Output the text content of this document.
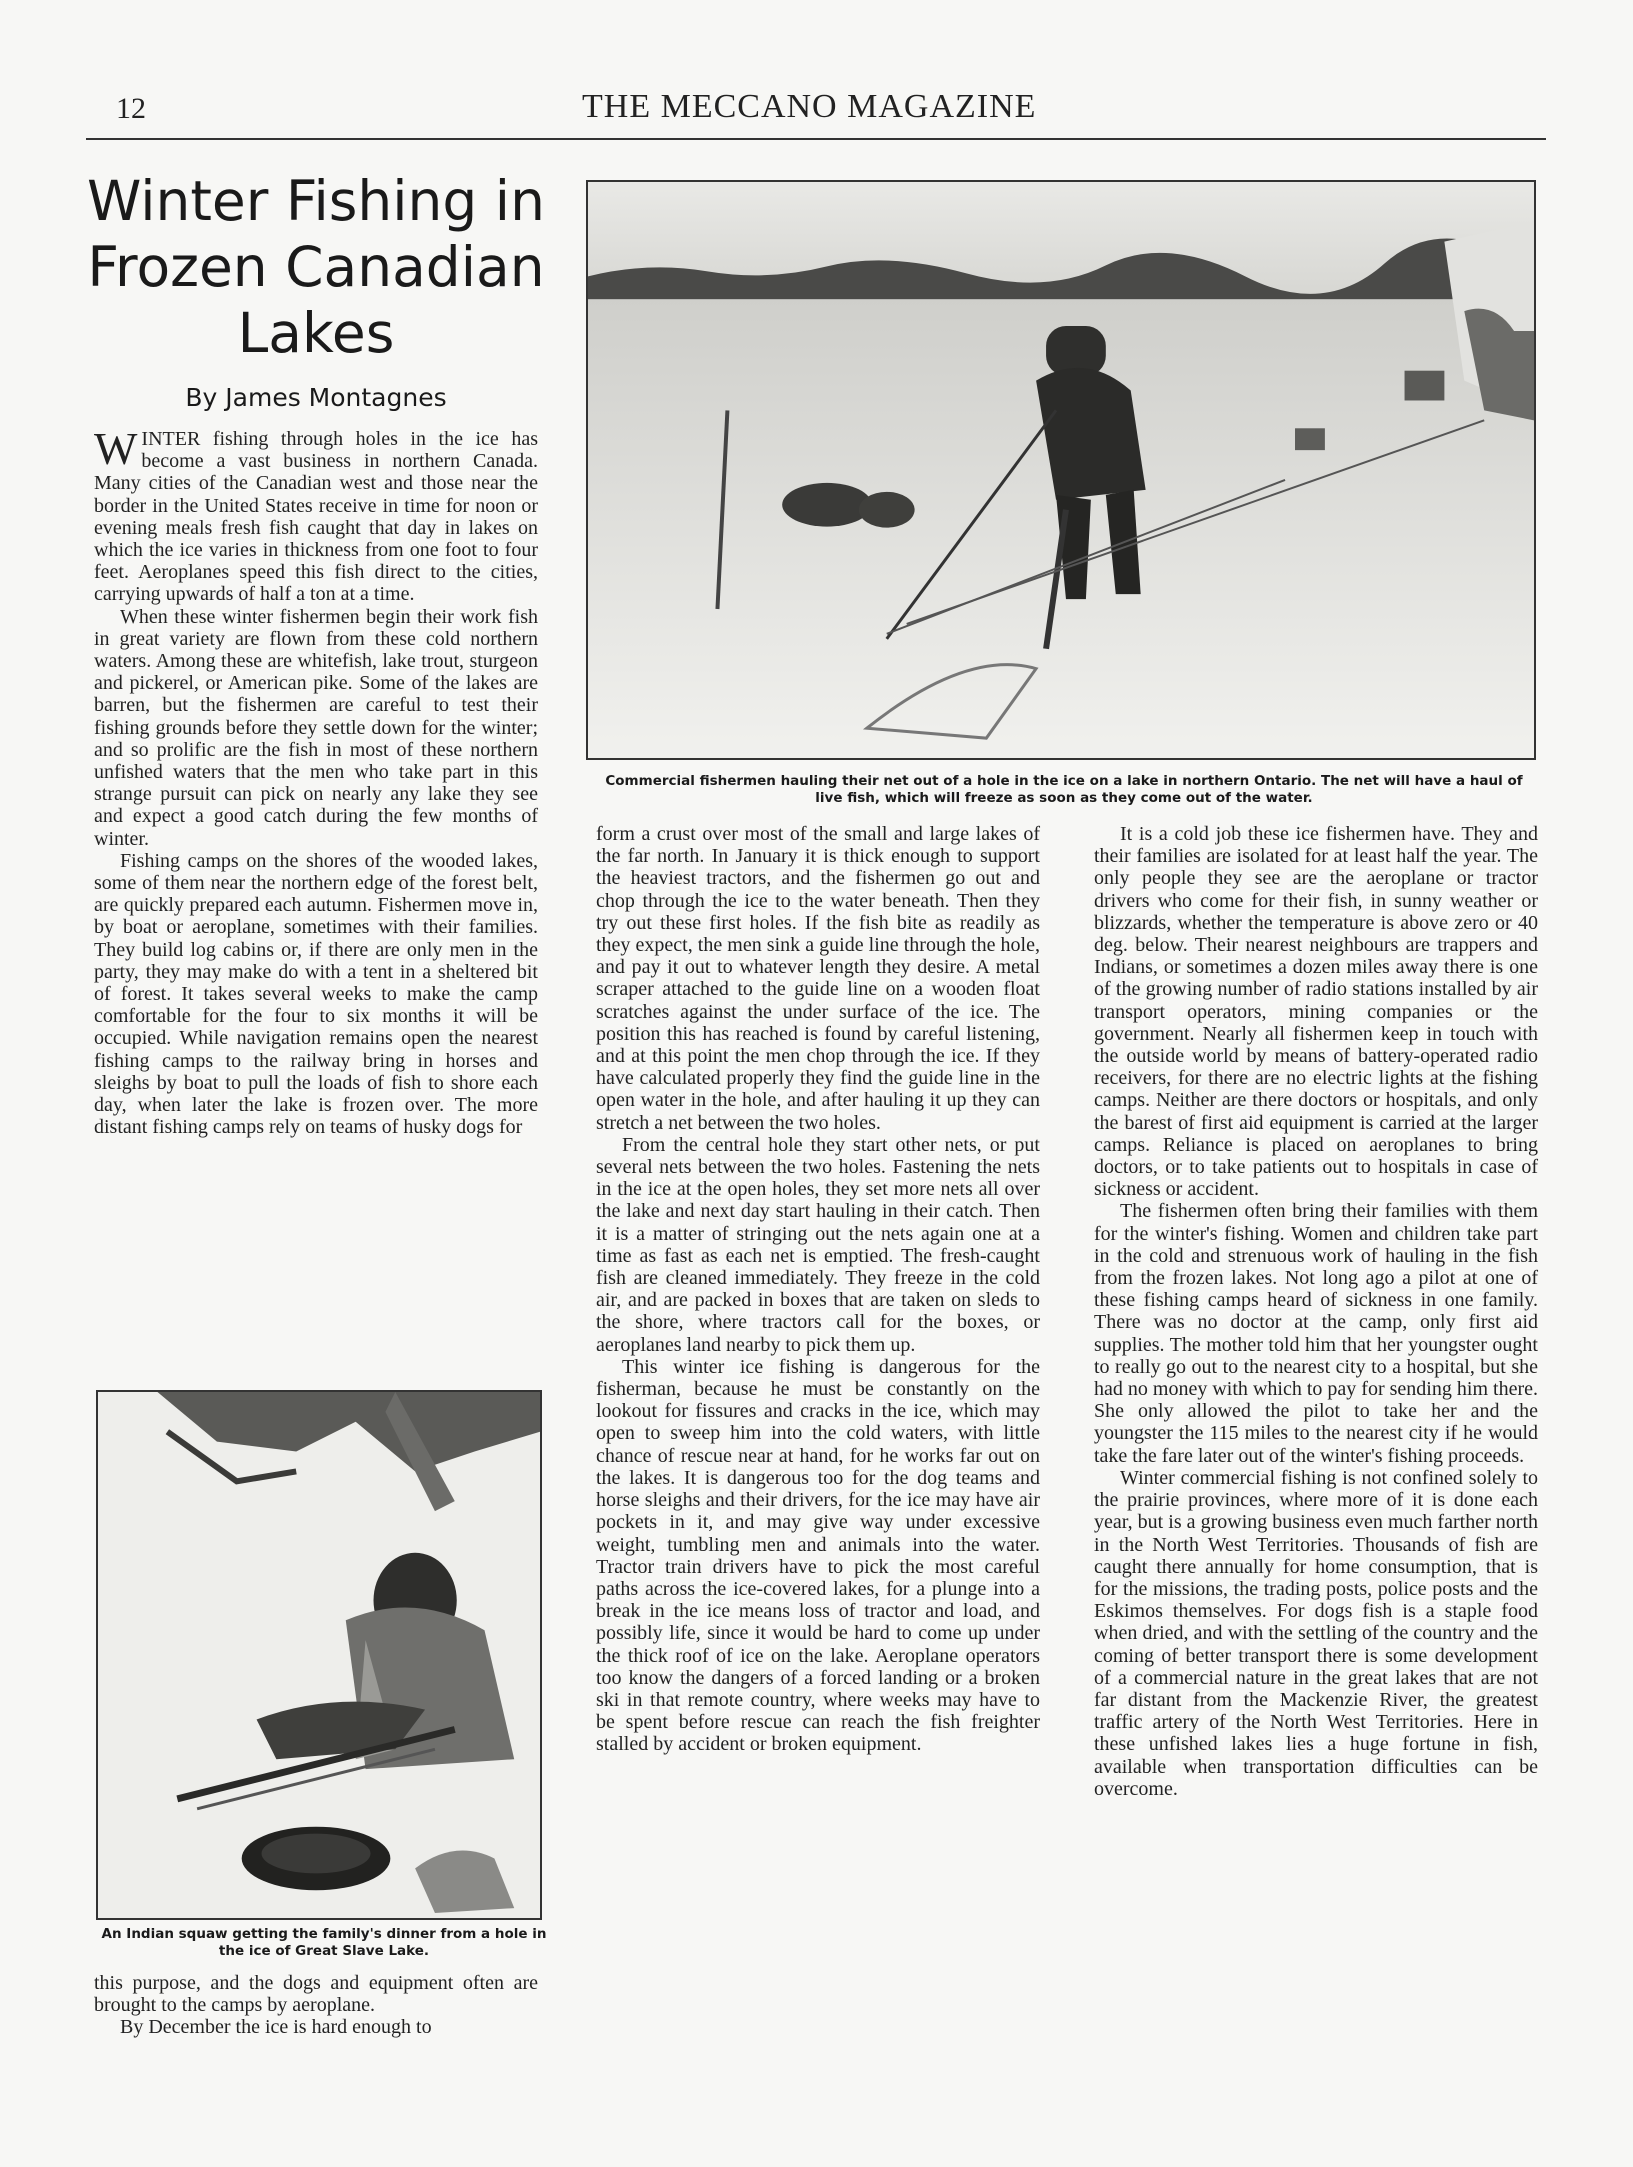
12	THE MECCANO MAGAZINE
Winter Fishing in Frozen Canadian Lakes
By James Montagnes

WINTER fishing through holes in the ice has become a vast business in northern Canada. Many cities of the Canadian west and those near the border in the United States receive in time for noon or evening meals fresh fish caught that day in lakes on which the ice varies in thickness from one foot to four feet. Aeroplanes speed this fish direct to the cities, carrying upwards of half a ton at a time.

When these winter fishermen begin their work fish in great variety are flown from these cold northern waters. Among these are whitefish, lake trout, sturgeon and pickerel, or American pike. Some of the lakes are barren, but the fishermen are careful to test their fishing grounds before they settle down for the winter; and so prolific are the fish in most of these northern unfished waters that the men who take part in this strange pursuit can pick on nearly any lake they see and expect a good catch during the few months of winter.

Fishing camps on the shores of the wooded lakes, some of them near the northern edge of the forest belt, are quickly prepared each autumn. Fishermen move in, by boat or aeroplane, sometimes with their families. They build log cabins or, if there are only men in the party, they may make do with a tent in a sheltered bit of forest. It takes several weeks to make the camp comfortable for the four to six months it will be occupied. While navigation remains open the nearest fishing camps to the railway bring in horses and sleighs by boat to pull the loads of fish to shore each day, when later the lake is frozen over. The more distant fishing camps rely on teams of husky dogs for

Commercial fishermen hauling their net out of a hole in the ice on a lake in northern Ontario. The net will have a haul of live fish, which will freeze as soon as they come out of the water.

form a crust over most of the small and large lakes of the far north. In January it is thick enough to support the heaviest tractors, and the fishermen go out and chop through the ice to the water beneath. Then they try out these first holes. If the fish bite as readily as they expect, the men sink a guide line through the hole, and pay it out to whatever length they desire. A metal scraper attached to the guide line on a wooden float scratches against the under surface of the ice. The position this has reached is found by careful listening, and at this point the men chop through the ice. If they have calculated properly they find the guide line in the open water in the hole, and after hauling it up they can stretch a net between the two holes.

From the central hole they start other nets, or put several nets between the two holes. Fastening the nets in the ice at the open holes, they set more nets all over the lake and next day start hauling in their catch. Then it is a matter of stringing out the nets again one at a time as fast as each net is emptied. The fresh-caught fish are cleaned immediately. They freeze in the cold air, and are packed in boxes that are taken on sleds to the shore, where tractors call for the boxes, or aeroplanes land nearby to pick them up.

This winter ice fishing is dangerous for the fisherman, because he must be constantly on the lookout for fissures and cracks in the ice, which may open to sweep him into the cold waters, with little chance of rescue near at hand, for he works far out on the lakes. It is dangerous too for the dog teams and horse sleighs and their drivers, for the ice may have air pockets in it, and may give way under excessive weight, tumbling men and animals into the water. Tractor train drivers have to pick the most careful paths across the ice-covered lakes, for a plunge into a break in the ice means loss of tractor and load, and possibly life, since it would be hard to come up under the thick roof of ice on the lake. Aeroplane operators too know the dangers of a forced landing or a broken ski in that remote country, where weeks may have to be spent before rescue can reach the fish freighter stalled by accident or broken equipment.

It is a cold job these ice fishermen have. They and their families are isolated for at least half the year. The only people they see are the aeroplane or tractor drivers who come for their fish, in sunny weather or blizzards, whether the temperature is above zero or 40 deg. below. Their nearest neighbours are trappers and Indians, or sometimes a dozen miles away there is one of the growing number of radio stations installed by air transport operators, mining companies or the government. Nearly all fishermen keep in touch with the outside world by means of battery-operated radio receivers, for there are no electric lights at the fishing camps. Neither are there doctors or hospitals, and only the barest of first aid equipment is carried at the larger camps. Reliance is placed on aeroplanes to bring doctors, or to take patients out to hospitals in case of sickness or accident.

The fishermen often bring their families with them for the winter's fishing. Women and children take part in the cold and strenuous work of hauling in the fish from the frozen lakes. Not long ago a pilot at one of these fishing camps heard of sickness in one family. There was no doctor at the camp, only first aid supplies. The mother told him that her youngster ought to really go out to the nearest city to a hospital, but she had no money with which to pay for sending him there. She only allowed the pilot to take her and the youngster the 115 miles to the nearest city if he would take the fare later out of the winter's fishing proceeds.

Winter commercial fishing is not confined solely to the prairie provinces, where more of it is done each year, but is a growing business even much farther north in the North West Territories. Thousands of fish are caught there annually for home consumption, that is for the missions, the trading posts, police posts and the Eskimos themselves. For dogs fish is a staple food when dried, and with the settling of the country and the coming of better transport there is some development of a commercial nature in the great lakes that are not far distant from the Mackenzie River, the greatest traffic artery of the North West Territories. Here in these unfished lakes lies a huge fortune in fish, available when transportation difficulties can be overcome.

An Indian squaw getting the family's dinner from a hole in the ice of Great Slave Lake.

this purpose, and the dogs and equipment often are brought to the camps by aeroplane.

By December the ice is hard enough to
